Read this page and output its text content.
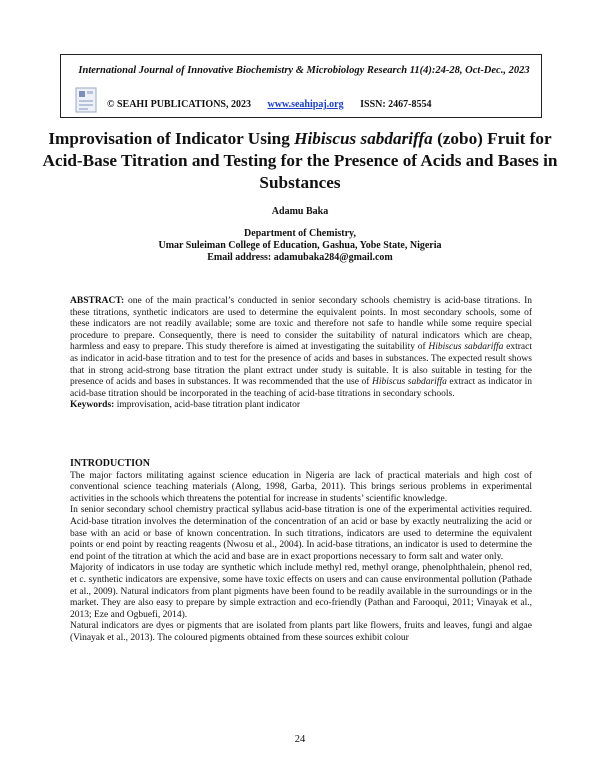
International Journal of Innovative Biochemistry & Microbiology Research 11(4):24-28, Oct-Dec., 2023
© SEAHI PUBLICATIONS, 2023 www.seahipaj.org ISSN: 2467-8554
Improvisation of Indicator Using Hibiscus sabdariffa (zobo) Fruit for Acid-Base Titration and Testing for the Presence of Acids and Bases in Substances
Adamu Baka
Department of Chemistry,
Umar Suleiman College of Education, Gashua, Yobe State, Nigeria
Email address: adamubaka284@gmail.com

ABSTRACT: one of the main practical’s conducted in senior secondary schools chemistry is acid-base titrations. In these titrations, synthetic indicators are used to determine the equivalent points. In most secondary schools, some of these indicators are not readily available; some are toxic and therefore not safe to handle while some require special procedure to prepare. Consequently, there is need to consider the suitability of natural indicators which are cheap, harmless and easy to prepare. This study therefore is aimed at investigating the suitability of Hibiscus sabdariffa extract as indicator in acid-base titration and to test for the presence of acids and bases in substances. The expected result shows that in strong acid-strong base titration the plant extract under study is suitable. It is also suitable in testing for the presence of acids and bases in substances. It was recommended that the use of Hibiscus sabdariffa extract as indicator in acid-base titration should be incorporated in the teaching of acid-base titrations in secondary schools.

Keywords: improvisation, acid-base titration plant indicator

INTRODUCTION

The major factors militating against science education in Nigeria are lack of practical materials and high cost of conventional science teaching materials (Along, 1998, Garba, 2011). This brings serious problems in experimental activities in the schools which threatens the potential for increase in students’ scientific knowledge.

In senior secondary school chemistry practical syllabus acid-base titration is one of the experimental activities required. Acid-base titration involves the determination of the concentration of an acid or base by exactly neutralizing the acid or base with an acid or base of known concentration. In such titrations, indicators are used to determine the equivalent points or end point by reacting reagents (Nwosu et al., 2004). In acid-base titrations, an indicator is used to determine the end point of the titration at which the acid and base are in exact proportions necessary to form salt and water only.

Majority of indicators in use today are synthetic which include methyl red, methyl orange, phenolphthalein, phenol red, et c. synthetic indicators are expensive, some have toxic effects on users and can cause environmental pollution (Pathade et al., 2009). Natural indicators from plant pigments have been found to be readily available in the surroundings or in the market. They are also easy to prepare by simple extraction and eco-friendly (Pathan and Farooqui, 2011; Vinayak et al., 2013; Eze and Ogbuefi, 2014).

Natural indicators are dyes or pigments that are isolated from plants part like flowers, fruits and leaves, fungi and algae (Vinayak et al., 2013). The coloured pigments obtained from these sources exhibit colour

24
